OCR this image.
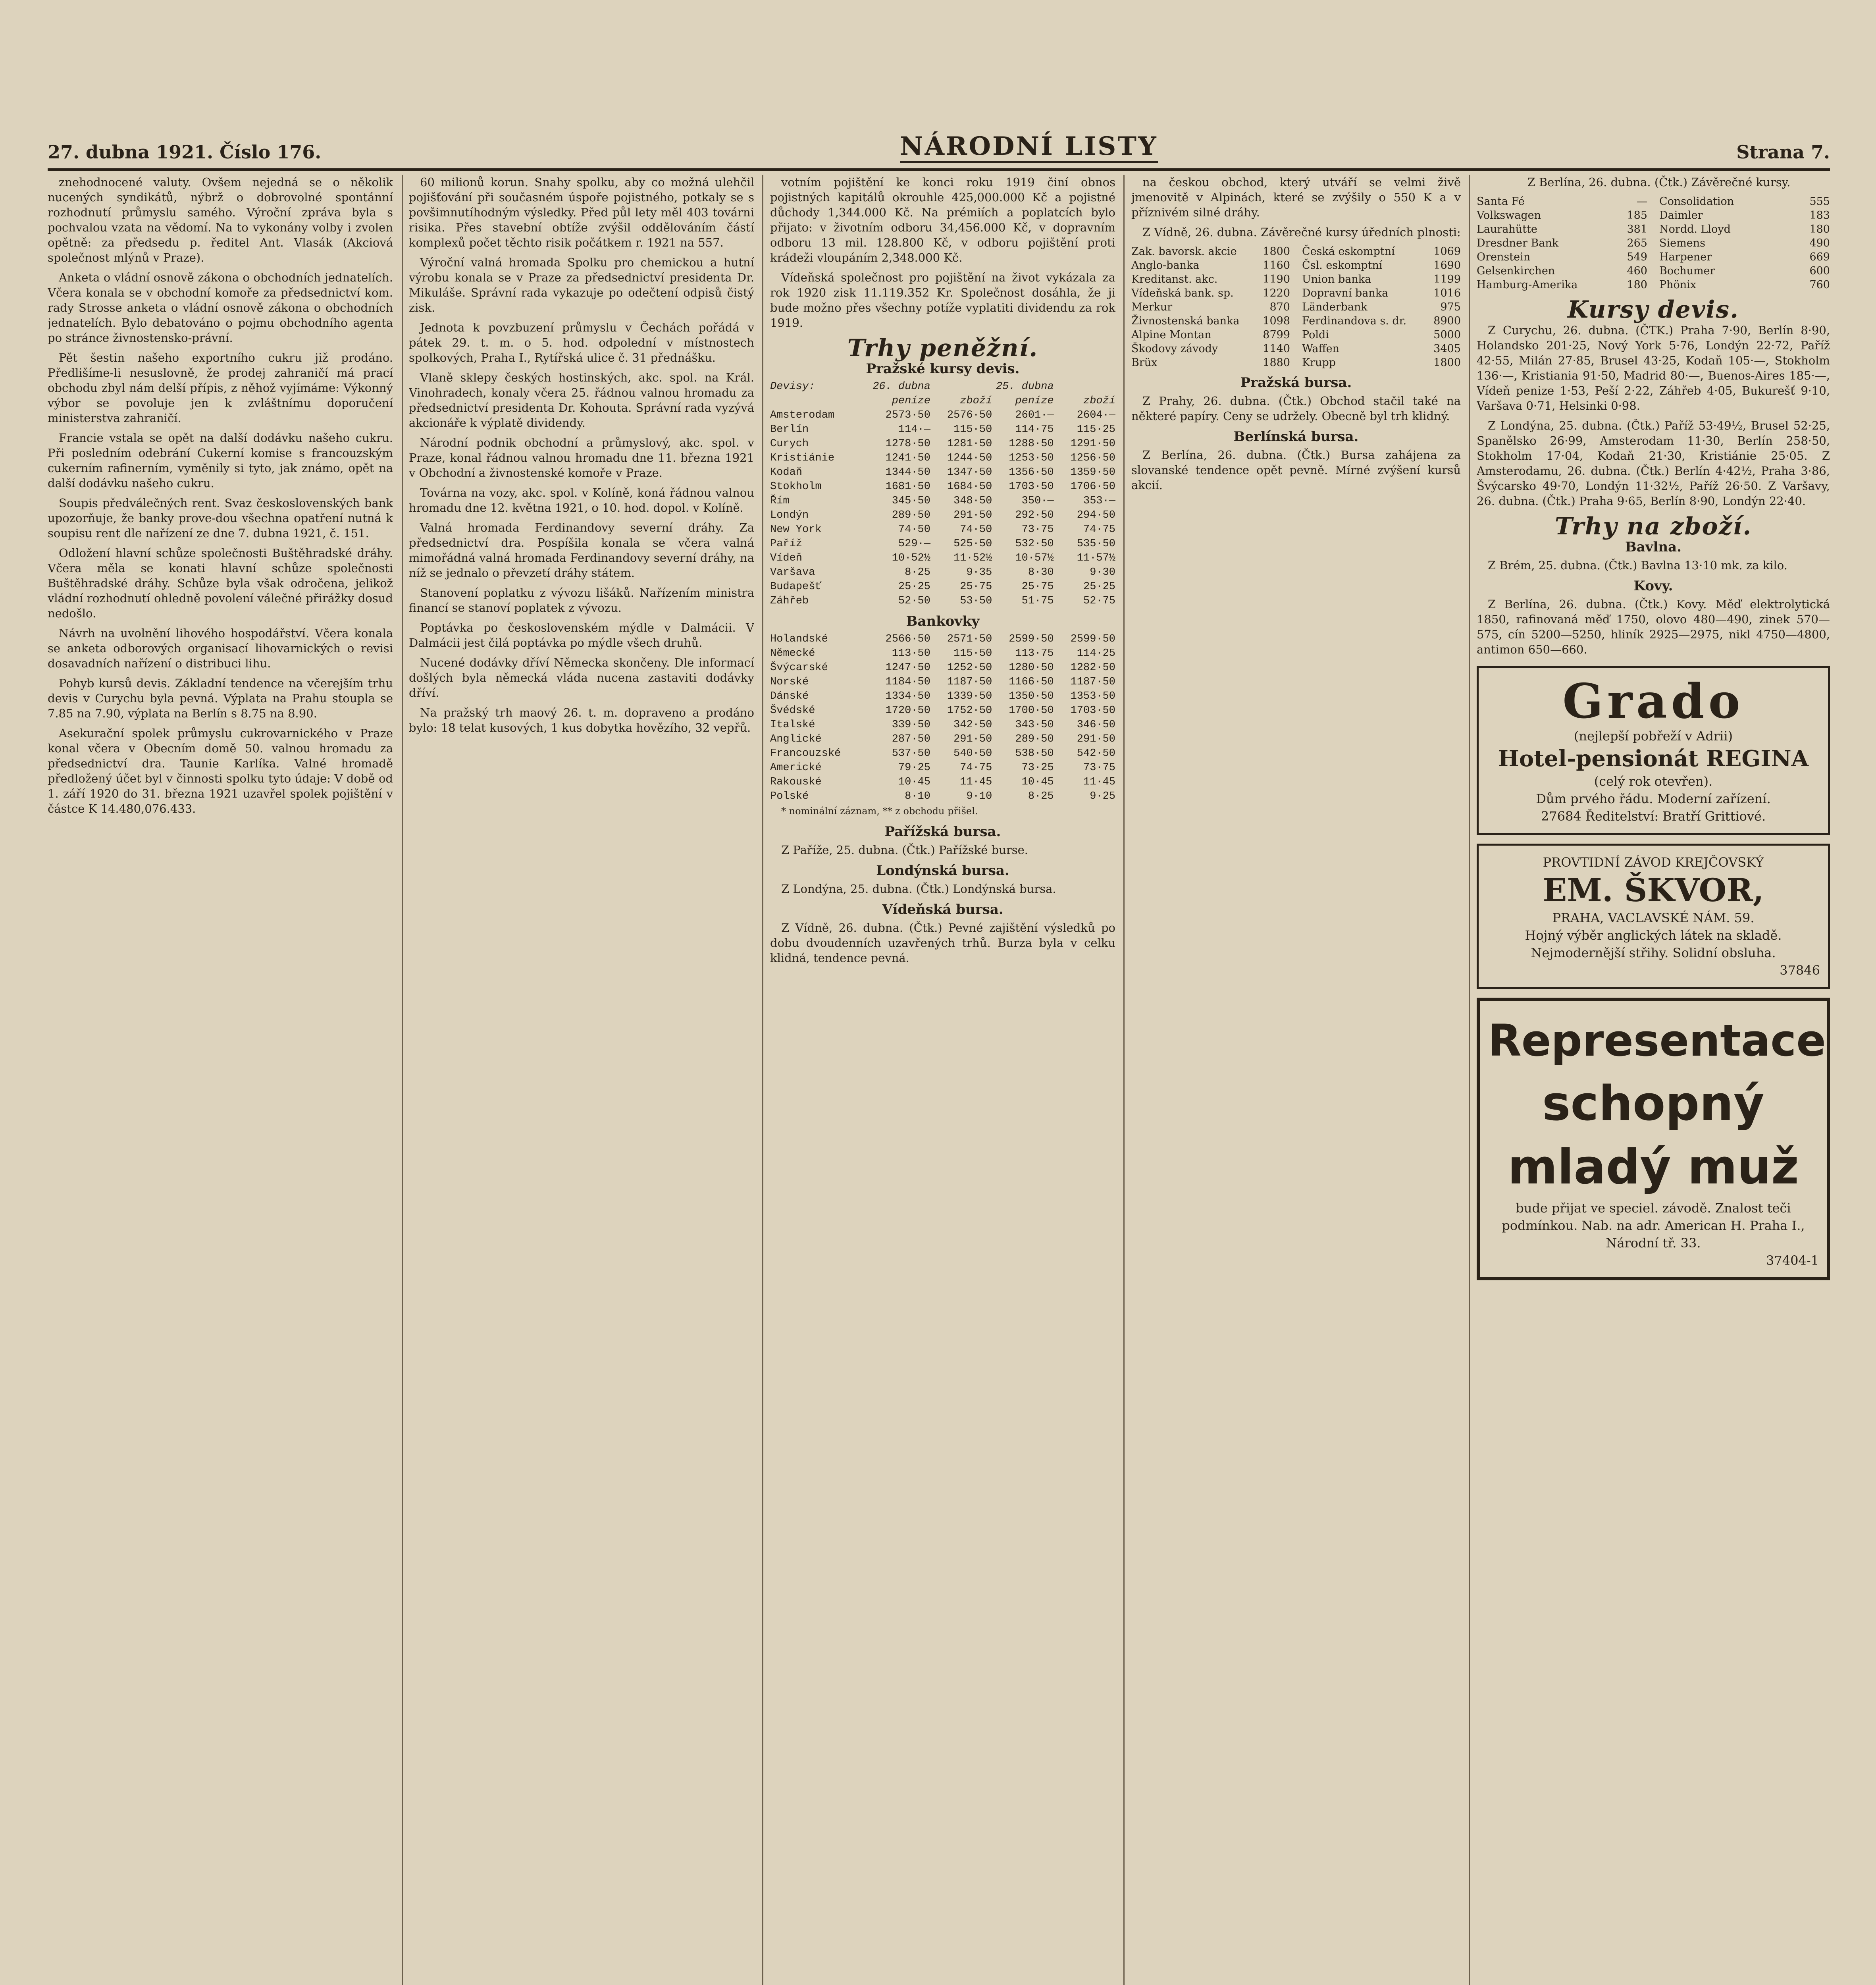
27. dubna 1921. Číslo 176.	NÁRODNÍ LISTY	Strana 7.

znehodnocené valuty. Ovšem nejedná se o několik nucených syndikátů, nýbrž o dobrovolné spontánní rozhodnutí průmyslu samého. Výroční zpráva byla s pochvalou vzata na vědomí. Na to vykonány volby i zvolen opětně: za předsedu p. ředitel Ant. Vlasák (Akciová společnost mlýnů v Praze).

Anketa o vládní osnově zákona o obchodních jednatelích. Včera konala se v obchodní komoře za předsednictví kom. rady Strosse anketa o vládní osnově zákona o obchodních jednatelích. Bylo debatováno o pojmu obchodního agenta po stránce živnostensko-právní.

Pět šestin našeho exportního cukru již prodáno. Předlišíme-li nesuslovně, že prodej zahraničí má prací obchodu zbyl nám delší přípis, z něhož vyjímáme: Výkonný výbor se povoluje jen k zvláštnímu doporučení ministerstva zahraničí.

Francie vstala se opět na další dodávku našeho cukru. Při posledním odebrání Cukerní komise s francouzským cukerním rafinerním, vyměnily si tyto, jak známo, opět na další dodávku našeho cukru.

Soupis předválečných rent. Svaz československých bank upozorňuje, že banky prove-dou všechna opatření nutná k soupisu rent dle nařízení ze dne 7. dubna 1921, č. 151.

Odložení hlavní schůze společnosti Buštěhradské dráhy. Včera měla se konati hlavní schůze společnosti Buštěhradské dráhy. Schůze byla však odročena, jelikož vládní rozhodnutí ohledně povolení válečné přirážky dosud nedošlo.

Návrh na uvolnění lihového hospodářství. Včera konala se anketa odborových organisací lihovarnických o revisi dosavadních nařízení o distribuci lihu.

Pohyb kursů devis. Základní tendence na včerejším trhu devis v Curychu byla pevná. Výplata na Prahu stoupla se 7.85 na 7.90, výplata na Berlín s 8.75 na 8.90.

Asekurační spolek průmyslu cukrovarnického v Praze konal včera v Obecním domě 50. valnou hromadu za předsednictví dra. Taunie Karlíka. Valné hromadě předložený účet byl v činnosti spolku tyto údaje: V době od 1. září 1920 do 31. března 1921 uzavřel spolek pojištění v částce K 14.480,076.433.

60 milionů korun. Snahy spolku, aby co možná ulehčil pojišťování při současném úspoře pojistného, potkaly se s povšimnutíhodným výsledky. Před půl lety měl 403 továrni risika. Přes stavební obtíže zvýšil oddělováním částí komplexů počet těchto risik počátkem r. 1921 na 557.

Výroční valná hromada Spolku pro chemickou a hutní výrobu konala se v Praze za předsednictví presidenta Dr. Mikuláše. Správní rada vykazuje po odečtení odpisů čistý zisk.

Jednota k povzbuzení průmyslu v Čechách pořádá v pátek 29. t. m. o 5. hod. odpolední v místnostech spolkových, Praha I., Rytířská ulice č. 31 přednášku.

Vlaně sklepy českých hostinských, akc. spol. na Král. Vinohradech, konaly včera 25. řádnou valnou hromadu za předsednictví presidenta Dr. Kohouta. Správní rada vyzývá akcionáře k výplatě dividendy.

Národní podnik obchodní a průmyslový, akc. spol. v Praze, konal řádnou valnou hromadu dne 11. března 1921 v Obchodní a živnostenské komoře v Praze.

Továrna na vozy, akc. spol. v Kolíně, koná řádnou valnou hromadu dne 12. května 1921, o 10. hod. dopol. v Kolíně.

Valná hromada Ferdinandovy severní dráhy. Za předsednictví dra. Pospíšila konala se včera valná mimořádná valná hromada Ferdinandovy severní dráhy, na níž se jednalo o převzetí dráhy státem.

Stanovení poplatku z vývozu lišáků. Nařízením ministra financí se stanoví poplatek z vývozu.

Poptávka po československém mýdle v Dalmácii. V Dalmácii jest čilá poptávka po mýdle všech druhů.

Nucené dodávky dříví Německa skončeny. Dle informací došlých byla německá vláda nucena zastaviti dodávky dříví.

Na pražský trh maový 26. t. m. dopraveno a prodáno bylo: 18 telat kusových, 1 kus dobytka hovězího, 32 vepřů.

votním pojištění ke konci roku 1919 činí obnos pojistných kapitálů okrouhle 425,000.000 Kč a pojistné důchody 1,344.000 Kč. Na prémiích a poplatcích bylo přijato: v životním odboru 34,456.000 Kč, v dopravním odboru 13 mil. 128.800 Kč, v odboru pojištění proti krádeži vloupáním 2,348.000 Kč.

Vídeňská společnost pro pojištění na život vykázala za rok 1920 zisk 11.119.352 Kr. Společnost dosáhla, že ji bude možno přes všechny potíže vyplatiti dividendu za rok 1919.

Trhy peněžní.
Pražské kursy devis.
Devisy:	26. dubna	25. dubna
peníze	zboží	peníze	zboží
Amsterodam	2573·50	2576·50	2601·—	2604·—
Berlín	114·—	115·50	114·75	115·25
Curych	1278·50	1281·50	1288·50	1291·50
Kristiánie	1241·50	1244·50	1253·50	1256·50
Kodaň	1344·50	1347·50	1356·50	1359·50
Stokholm	1681·50	1684·50	1703·50	1706·50
Řím	345·50	348·50	350·—	353·—
Londýn	289·50	291·50	292·50	294·50
New York	74·50	74·50	73·75	74·75
Paříž	529·—	525·50	532·50	535·50
Vídeň	10·52½	11·52½	10·57½	11·57½
Varšava	8·25	9·35	8·30	9·30
Budapešť	25·25	25·75	25·75	25·25
Záhřeb	52·50	53·50	51·75	52·75
Bankovky
Holandské	2566·50	2571·50	2599·50	2599·50
Německé	113·50	115·50	113·75	114·25
Švýcarské	1247·50	1252·50	1280·50	1282·50
Norské	1184·50	1187·50	1166·50	1187·50
Dánské	1334·50	1339·50	1350·50	1353·50
Švédské	1720·50	1752·50	1700·50	1703·50
Italské	339·50	342·50	343·50	346·50
Anglické	287·50	291·50	289·50	291·50
Francouzské	537·50	540·50	538·50	542·50
Americké	79·25	74·75	73·25	73·75
Rakouské	10·45	11·45	10·45	11·45
Polské	8·10	9·10	8·25	9·25

* nominální záznam, ** z obchodu přišel.

Pařížská bursa.

Z Paříže, 25. dubna. (Čtk.) Pařížské burse.

Londýnská bursa.

Z Londýna, 25. dubna. (Čtk.) Londýnská bursa.

Vídeňská bursa.

Z Vídně, 26. dubna. (Čtk.) Pevné zajištění výsledků po dobu dvoudenních uzavřených trhů. Burza byla v celku klidná, tendence pevná.

na českou obchod, který utváří se velmi živě jmenovitě v Alpinách, které se zvýšily o 550 K a v příznivém silné dráhy.

Z Vídně, 26. dubna. Závěrečné kursy úředních plnosti:

Zak. bavorsk. akcie 1800 Česká eskomptní	1069
Anglo-banka	1160 Čsl. eskomptní	1690
Kreditanst. akc.	1190 Union banka	1199
Vídeňská bank. sp.	1220 Dopravní banka	1016
Merkur	870 Länderbank	975
Živnostenská banka 1098 Ferdinandova s. dr.	8900
Alpine Montan	8799 Poldi	5000
Škodovy závody	1140 Waffen	3405
Brüx	1880 Krupp	1800
Pražská bursa.

Z Prahy, 26. dubna. (Čtk.) Obchod stačil také na některé papíry. Ceny se udržely. Obecně byl trh klidný.

Berlínská bursa.

Z Berlína, 26. dubna. (Čtk.) Bursa zahájena za slovanské tendence opět pevně. Mírné zvýšení kursů akcií.

Z Berlína, 26. dubna. (Čtk.) Závěrečné kursy.

Santa Fé	— Consolidation	555
Volkswagen	185 Daimler	183
Laurahütte	381 Nordd. Lloyd	180
Dresdner Bank	265 Siemens	490
Orenstein	549 Harpener	669
Gelsenkirchen	460 Bochumer	600
Hamburg-Amerika	180 Phönix	760
Kursy devis.

Z Curychu, 26. dubna. (ČTK.) Praha 7·90, Berlín 8·90, Holandsko 201·25, Nový York 5·76, Londýn 22·72, Paříž 42·55, Milán 27·85, Brusel 43·25, Kodaň 105·—, Stokholm 136·—, Kristiania 91·50, Madrid 80·—, Buenos-Aires 185·—, Vídeň penize 1·53, Peší 2·22, Záhřeb 4·05, Bukurešť 9·10, Varšava 0·71, Helsinki 0·98.

Z Londýna, 25. dubna. (Čtk.) Paříž 53·49½, Brusel 52·25, Spanělsko 26·99, Amsterodam 11·30, Berlín 258·50, Stokholm 17·04, Kodaň 21·30, Kristiánie 25·05. Z Amsterodamu, 26. dubna. (Čtk.) Berlín 4·42½, Praha 3·86, Švýcarsko 49·70, Londýn 11·32½, Paříž 26·50. Z Varšavy, 26. dubna. (Čtk.) Praha 9·65, Berlín 8·90, Londýn 22·40.

Trhy na zboží.
Bavlna.

Z Brém, 25. dubna. (Čtk.) Bavlna 13·10 mk. za kilo.

Kovy.

Z Berlína, 26. dubna. (Čtk.) Kovy. Měď elektrolytická 1850, rafinovaná měď 1750, olovo 480—490, zinek 570—575, cín 5200—5250, hliník 2925—2975, nikl 4750—4800, antimon 650—660.

Grado
(nejlepší pobřeží v Adrii)
Hotel-pensionát REGINA
(celý rok otevřen).
Dům prvého řádu. Moderní zařízení.
27684 Ředitelství: Bratří Grittiové.
PROVTIDNÍ ZÁVOD KREJČOVSKÝ
EM. ŠKVOR,
PRAHA, VACLAVSKÉ NÁM. 59.
Hojný výběr anglických látek na skladě.
Nejmodernější střihy. Solidní obsluha.
37846
Representace
schopný
mladý muž
bude přijat ve speciel. závodě. Znalost teči podmínkou. Nab. na adr. American H. Praha I., Národní tř. 33.
37404-1
